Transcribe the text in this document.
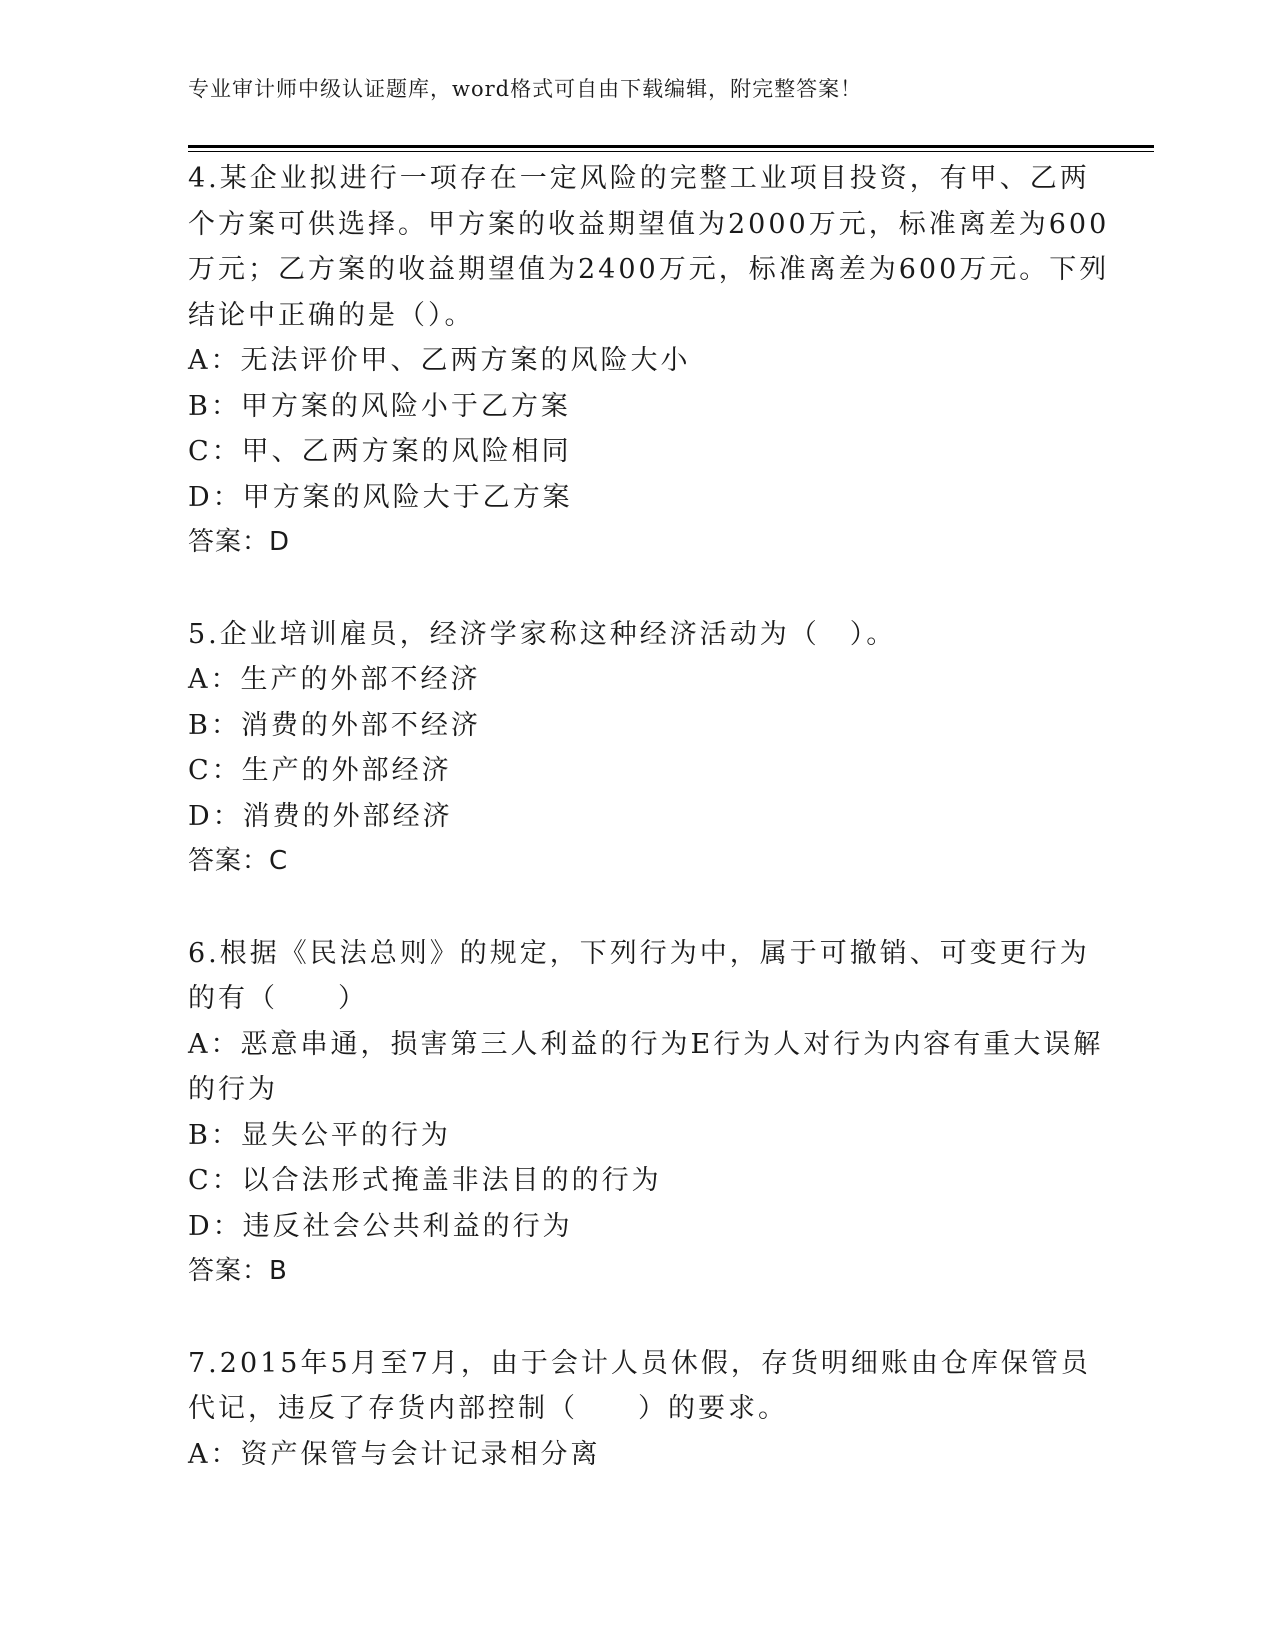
专业审计师中级认证题库，word格式可自由下载编辑，附完整答案！
4.某企业拟进行一项存在一定风险的完整工业项目投资，有甲、乙两
个方案可供选择。甲方案的收益期望值为2000万元，标准离差为600
万元；乙方案的收益期望值为2400万元，标准离差为600万元。下列
结论中正确的是（）。
A：无法评价甲、乙两方案的风险大小
B：甲方案的风险小于乙方案
C：甲、乙两方案的风险相同
D：甲方案的风险大于乙方案
答案：D
5.企业培训雇员，经济学家称这种经济活动为（　）。
A：生产的外部不经济
B：消费的外部不经济
C：生产的外部经济
D：消费的外部经济
答案：C
6.根据《民法总则》的规定，下列行为中，属于可撤销、可变更行为
的有（　　）
A：恶意串通，损害第三人利益的行为E行为人对行为内容有重大误解
的行为
B：显失公平的行为
C：以合法形式掩盖非法目的的行为
D：违反社会公共利益的行为
答案：B
7.2015年5月至7月，由于会计人员休假，存货明细账由仓库保管员
代记，违反了存货内部控制（　　）的要求。
A：资产保管与会计记录相分离
